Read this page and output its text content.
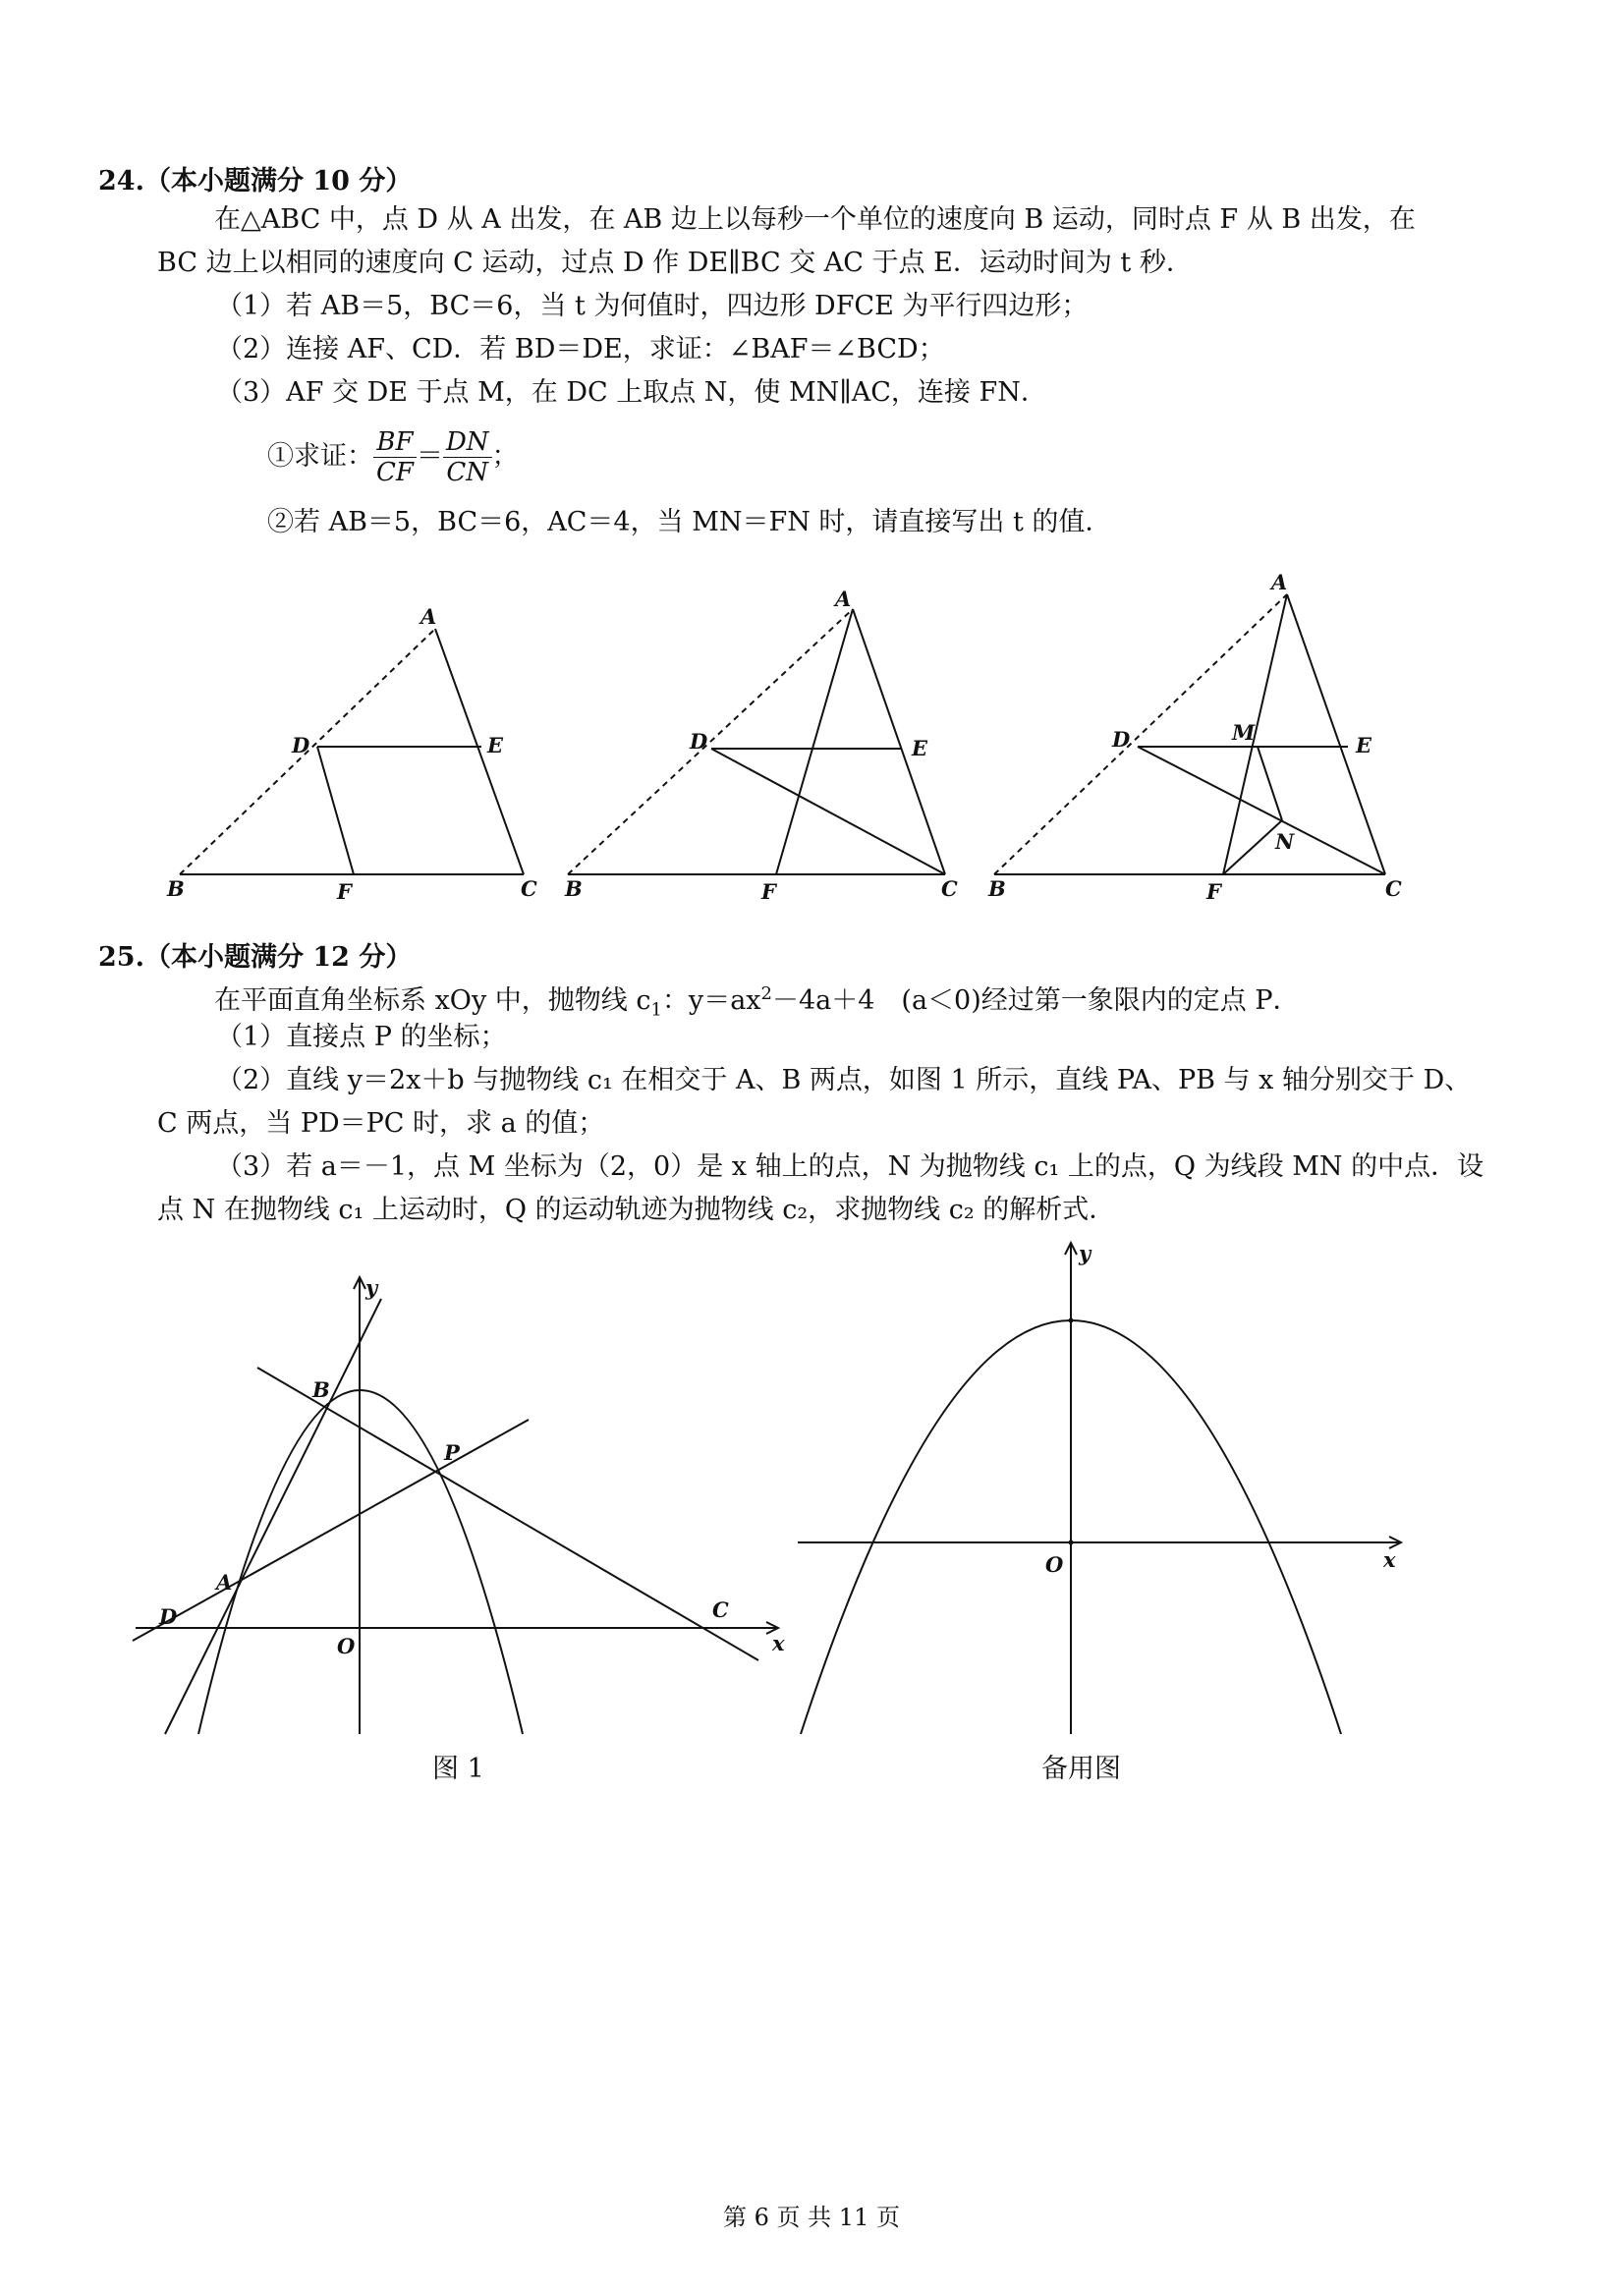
24.（本小题满分 10 分）
在△ABC 中，点 D 从 A 出发，在 AB 边上以每秒一个单位的速度向 B 运动，同时点 F 从 B 出发，在
BC 边上以相同的速度向 C 运动，过点 D 作 DE∥BC 交 AC 于点 E．运动时间为 t 秒．
（1）若 AB＝5，BC＝6，当 t 为何值时，四边形 DFCE 为平行四边形；
（2）连接 AF、CD．若 BD＝DE，求证：∠BAF＝∠BCD；
（3）AF 交 DE 于点 M，在 DC 上取点 N，使 MN∥AC，连接 FN．
①求证： $\frac{BF}{CF} = \frac{DN}{CN}$ ；
②若 AB＝5，BC＝6，AC＝4，当 MN＝FN 时，请直接写出 t 的值．
A
D	E
B	F	C
A
D	E
B	F	C
A
D	M
E
N
B	F	C
25.（本小题满分 12 分）
在平面直角坐标系 xOy 中，抛物线 $c_1$：$y=ax^2-4a+4$　(a＜0)经过第一象限内的定点 P．
（1）直接点 P 的坐标；
（2）直线 y＝2x＋b 与抛物线 c₁ 在相交于 A、B 两点，如图 1 所示，直线 PA、PB 与 x 轴分别交于 D、
C 两点，当 PD＝PC 时，求 a 的值；
（3）若 a＝－1，点 M 坐标为（2，0）是 x 轴上的点，N 为抛物线 c₁ 上的点，Q 为线段 MN 的中点．设
点 N 在抛物线 c₁ 上运动时，Q 的运动轨迹为抛物线 c₂，求抛物线 c₂ 的解析式．
y
x
O
B
P
A
D	C
y
x
O
图 1	备用图
第 6 页 共 11 页
